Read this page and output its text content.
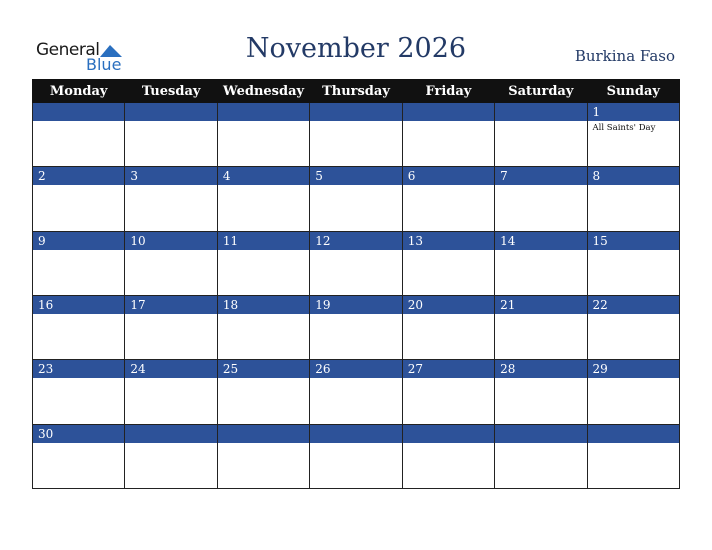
General
Blue
November 2026	Burkina Faso
Monday	Tuesday	Wednesday	Thursday	Friday	Saturday	Sunday

						1
All Saints' Day

2	3	4	5	6	7	8

9	10	11	12	13	14	15

16	17	18	19	20	21	22

23	24	25	26	27	28	29

30						
